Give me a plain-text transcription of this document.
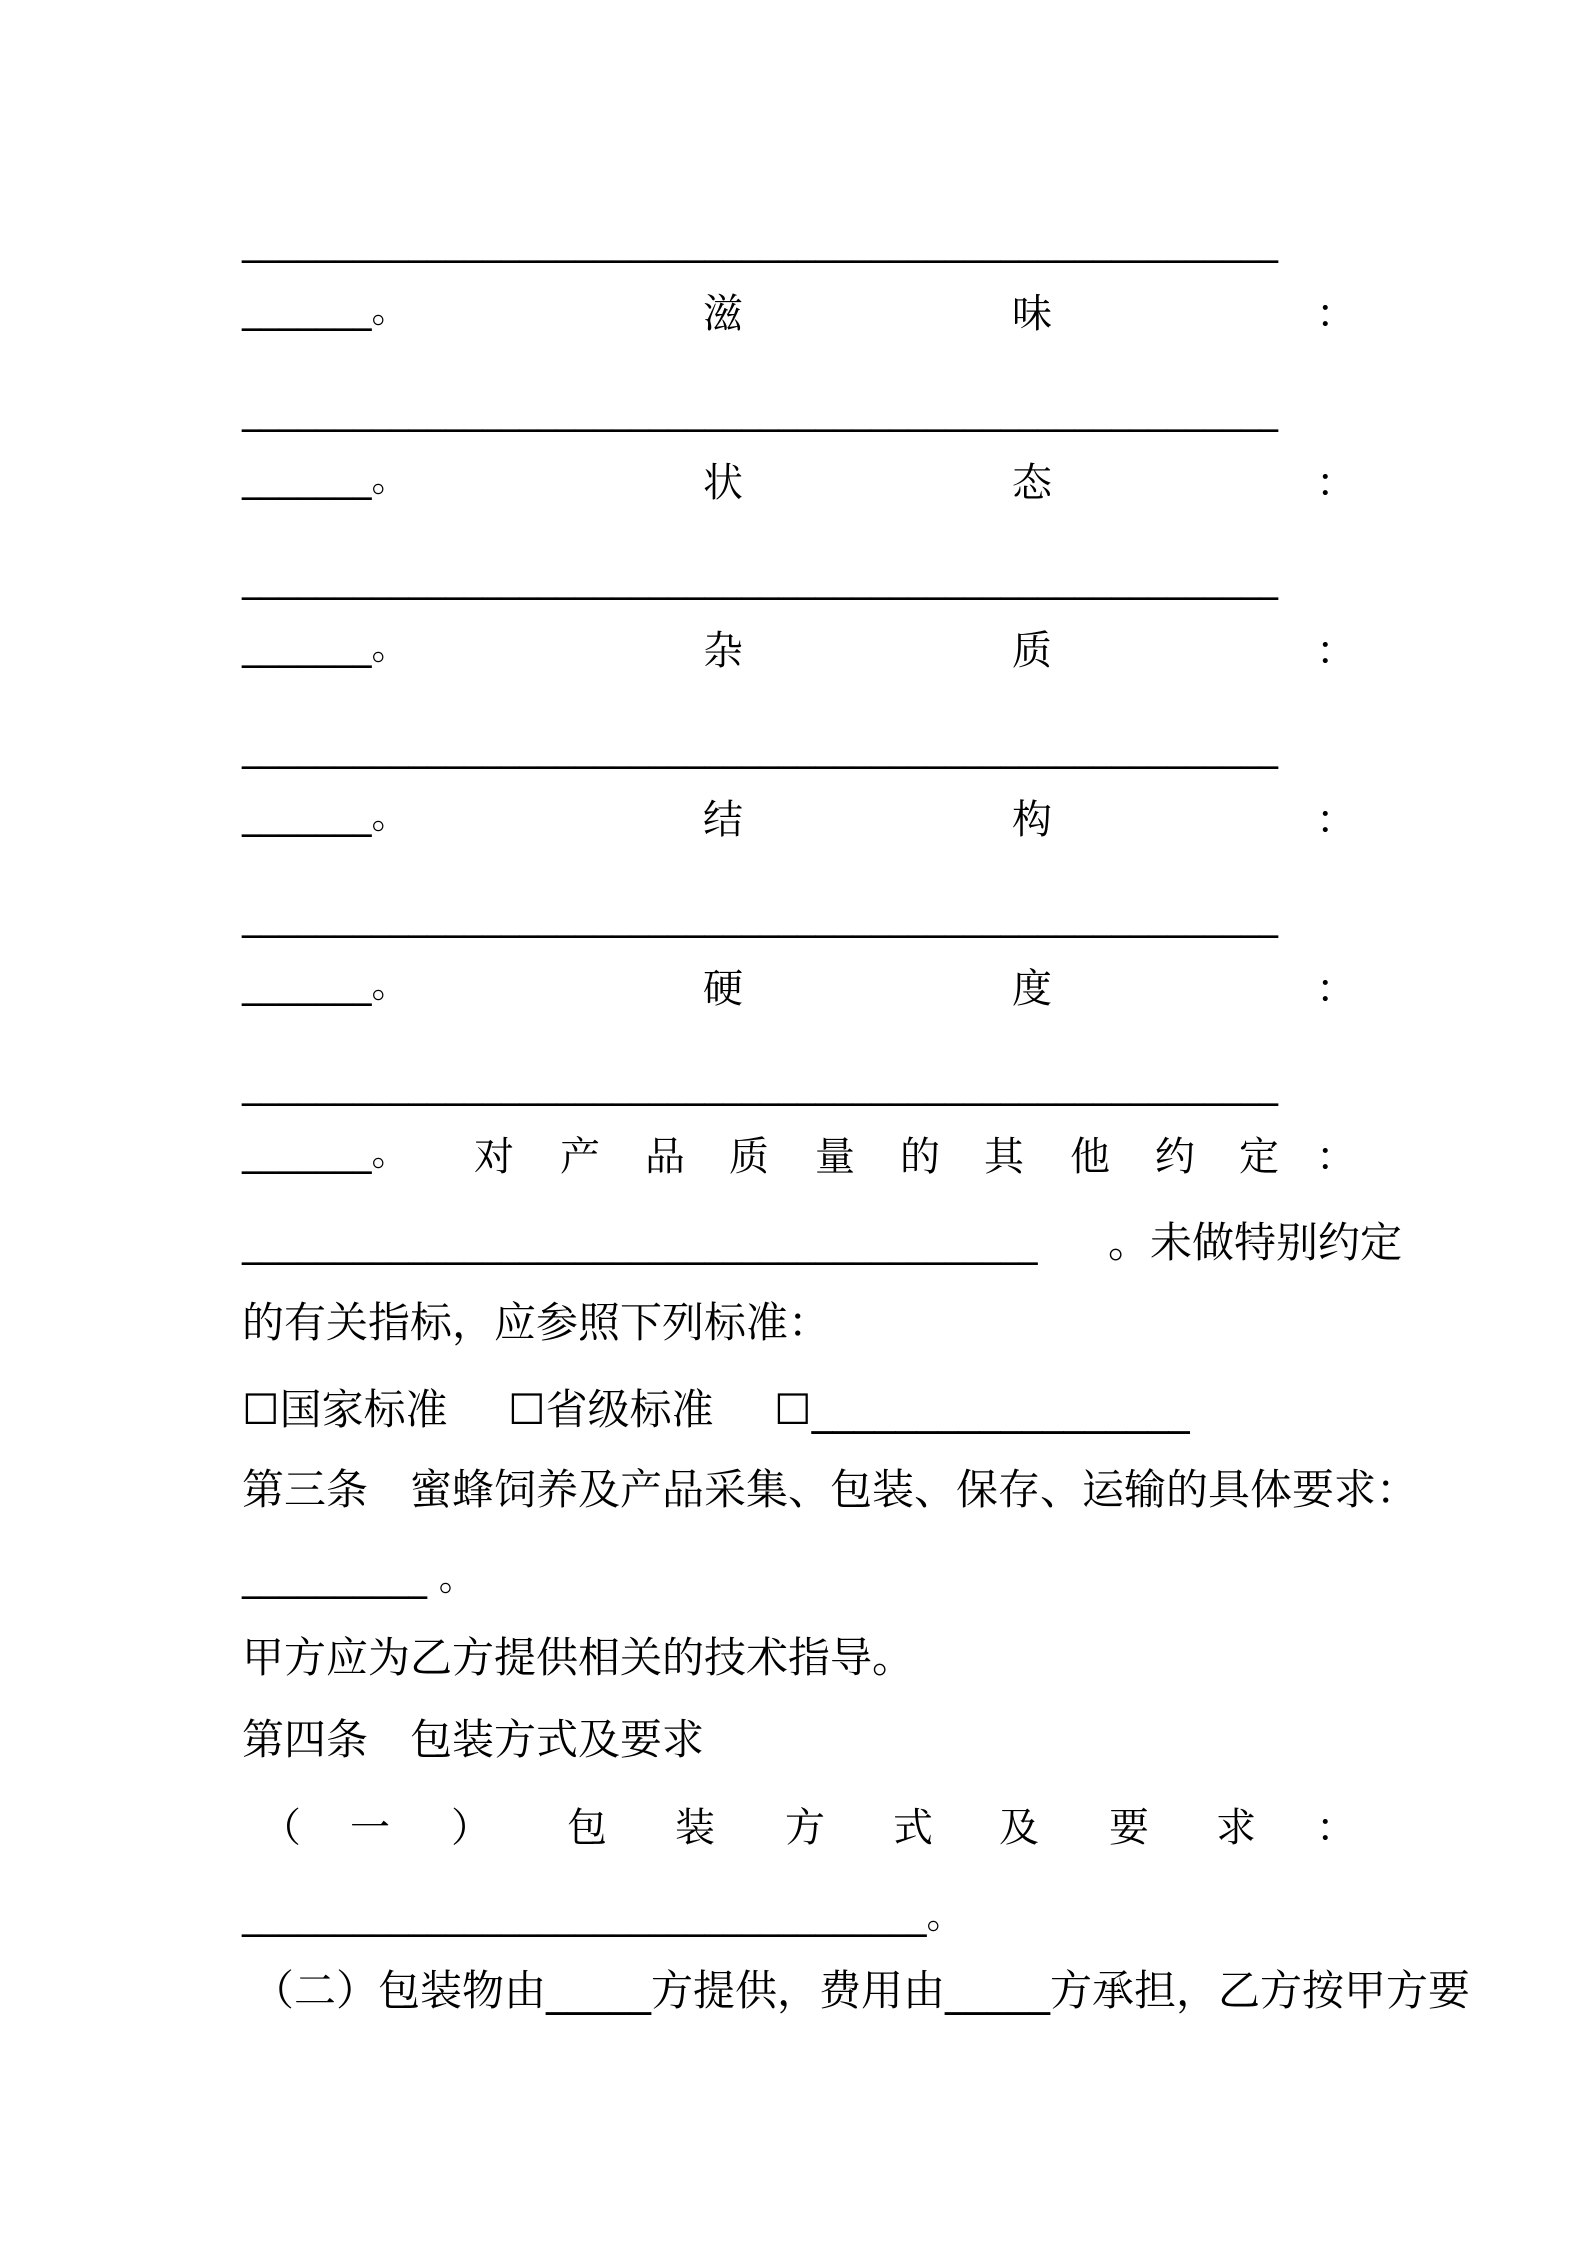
________________________________________________________
_______。	滋	味	：
________________________________________________________
_______。	状	态	：
________________________________________________________
_______。	杂	质	：
________________________________________________________
_______。	结	构	：
________________________________________________________
_______。	硬	度	：
________________________________________________________
_______。 对 产 品 质 量 的 其 他 约 定 ：
___________________________________________ 。未做特别约定
的有关指标，应参照下列标准：
☐国家标准 ☐省级标准 ☐__________________
第三条　蜜蜂饲养及产品采集、包装、保存、运输的具体要求：
__________ 。
甲方应为乙方提供相关的技术指导。
第四条　包装方式及要求
（ 一 ） 包 装 方 式 及 要 求 ：
_____________________________________。
（二）包装物由_____方提供，费用由_____方承担，乙方按甲方要
